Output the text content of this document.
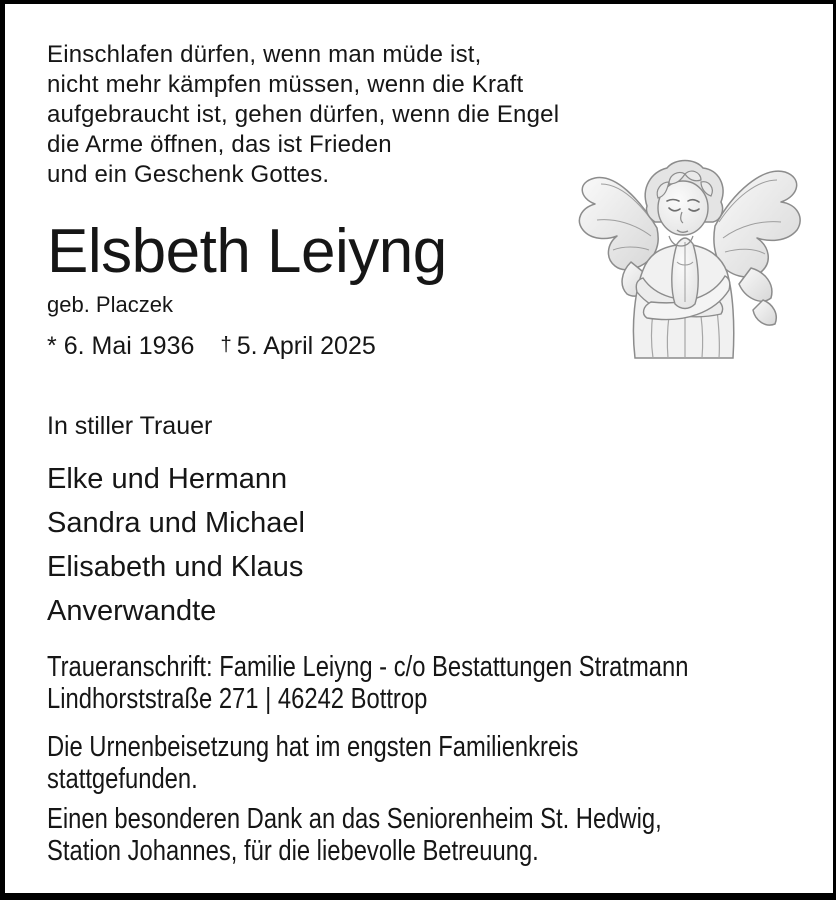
Einschlafen dürfen, wenn man müde ist,

nicht mehr kämpfen müssen, wenn die Kraft

aufgebraucht ist, gehen dürfen, wenn die Engel

die Arme öffnen, das ist Frieden

und ein Geschenk Gottes.

Elsbeth Leiyng

geb. Placzek

* 6. Mai 1936 † 5. April 2025

In stiller Trauer

Elke und Hermann

Sandra und Michael

Elisabeth und Klaus

Anverwandte

Traueranschrift: Familie Leiyng - c/o Bestattungen Stratmann

Lindhorststraße 271 | 46242 Bottrop

Die Urnenbeisetzung hat im engsten Familienkreis

stattgefunden.

Einen besonderen Dank an das Seniorenheim St. Hedwig,

Station Johannes, für die liebevolle Betreuung.
